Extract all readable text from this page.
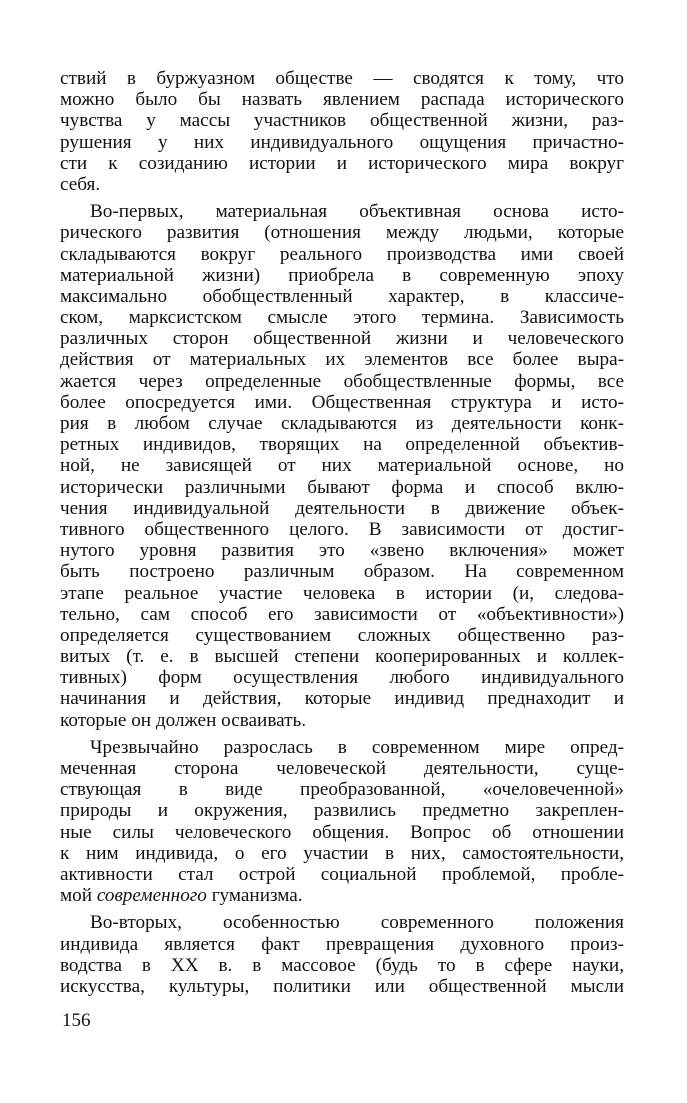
ствий в буржуазном обществе — сводятся к тому, что
можно было бы назвать явлением распада исторического
чувства у массы участников общественной жизни, раз-
рушения у них индивидуального ощущения причастно-
сти к созиданию истории и исторического мира вокруг
себя.
Во-первых, материальная объективная основа исто-
рического развития (отношения между людьми, которые
складываются вокруг реального производства ими своей
материальной жизни) приобрела в современную эпоху
максимально обобществленный характер, в классиче-
ском, марксистском смысле этого термина. Зависимость
различных сторон общественной жизни и человеческого
действия от материальных их элементов все более выра-
жается через определенные обобществленные формы, все
более опосредуется ими. Общественная структура и исто-
рия в любом случае складываются из деятельности конк-
ретных индивидов, творящих на определенной объектив-
ной, не зависящей от них материальной основе, но
исторически различными бывают форма и способ вклю-
чения индивидуальной деятельности в движение объек-
тивного общественного целого. В зависимости от достиг-
нутого уровня развития это «звено включения» может
быть построено различным образом. На современном
этапе реальное участие человека в истории (и, следова-
тельно, сам способ его зависимости от «объективности»)
определяется существованием сложных общественно раз-
витых (т. е. в высшей степени кооперированных и коллек-
тивных) форм осуществления любого индивидуального
начинания и действия, которые индивид преднаходит и
которые он должен осваивать.
Чрезвычайно разрослась в современном мире опред-
меченная сторона человеческой деятельности, суще-
ствующая в виде преобразованной, «очеловеченной»
природы и окружения, развились предметно закреплен-
ные силы человеческого общения. Вопрос об отношении
к ним индивида, о его участии в них, самостоятельности,
активности стал острой социальной проблемой, пробле-
мой современного гуманизма.
Во-вторых, особенностью современного положения
индивида является факт превращения духовного произ-
водства в XX в. в массовое (будь то в сфере науки,
искусства, культуры, политики или общественной мысли
156
